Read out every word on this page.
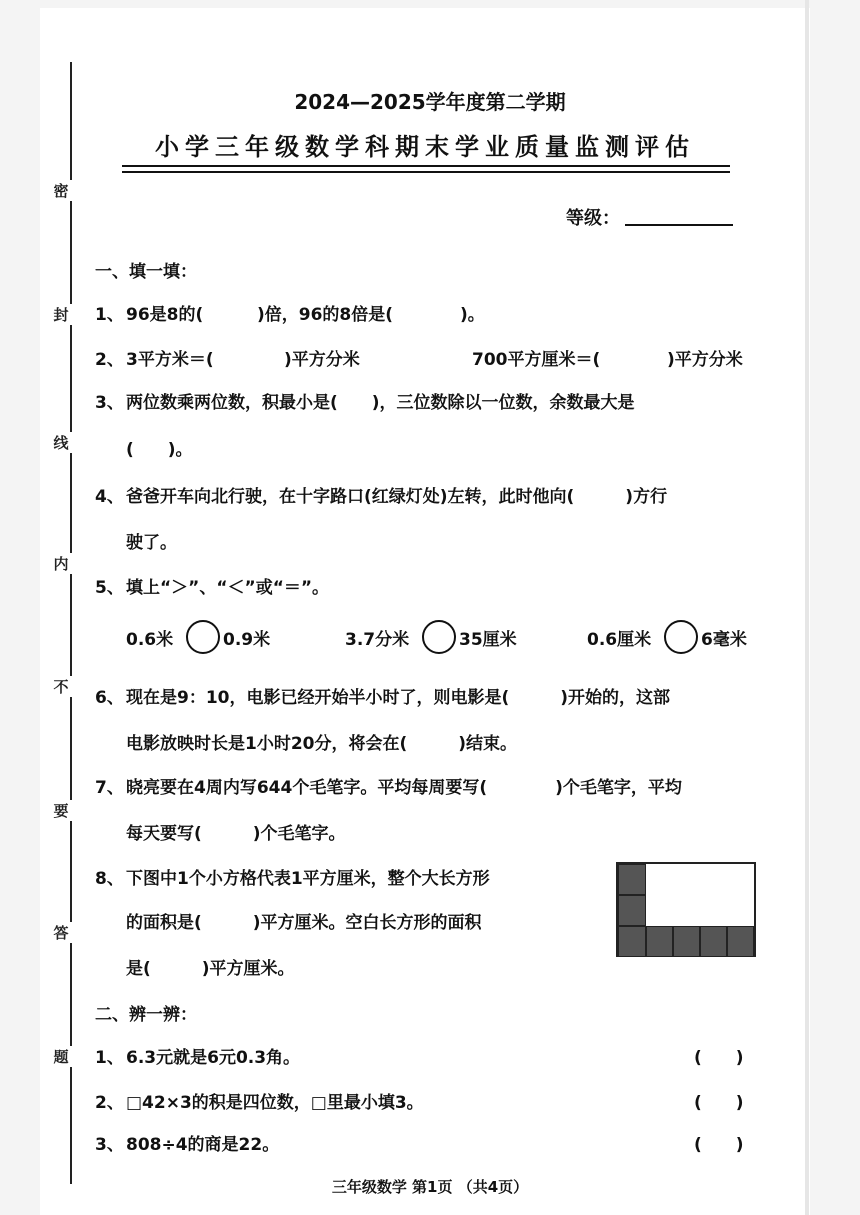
密
封
线
内
不
要
答
题
2024—2025学年度第二学期
小学三年级数学科期末学业质量监测评估
等级：
一、填一填：
1、 96是8的(	)倍，96的8倍是(	)。
2、 3平方米＝(	)平方分米	700平方厘米＝(	)平方分米
3、 两位数乘两位数，积最小是(　　)，三位数除以一位数，余数最大是
(　　)。
4、 爸爸开车向北行驶，在十字路口(红绿灯处)左转，此时他向(　　　)方行
驶了。
5、 填上“＞”、“＜”或“＝”。
0.6米	0.9米	3.7分米	35厘米	0.6厘米	6毫米
6、 现在是9：10，电影已经开始半小时了，则电影是(　　　)开始的，这部
电影放映时长是1小时20分，将会在(　　　)结束。
7、 晓亮要在4周内写644个毛笔字。平均每周要写(　　　　)个毛笔字，平均
每天要写(　　　)个毛笔字。
8、 下图中1个小方格代表1平方厘米，整个大长方形
的面积是(　　　)平方厘米。空白长方形的面积
是(　　　)平方厘米。
二、辨一辨：
1、 6.3元就是6元0.3角。	(　　)
2、 □42×3的积是四位数，□里最小填3。	(　　)
3、 808÷4的商是22。	(　　)
三年级数学 第1页 （共4页）
